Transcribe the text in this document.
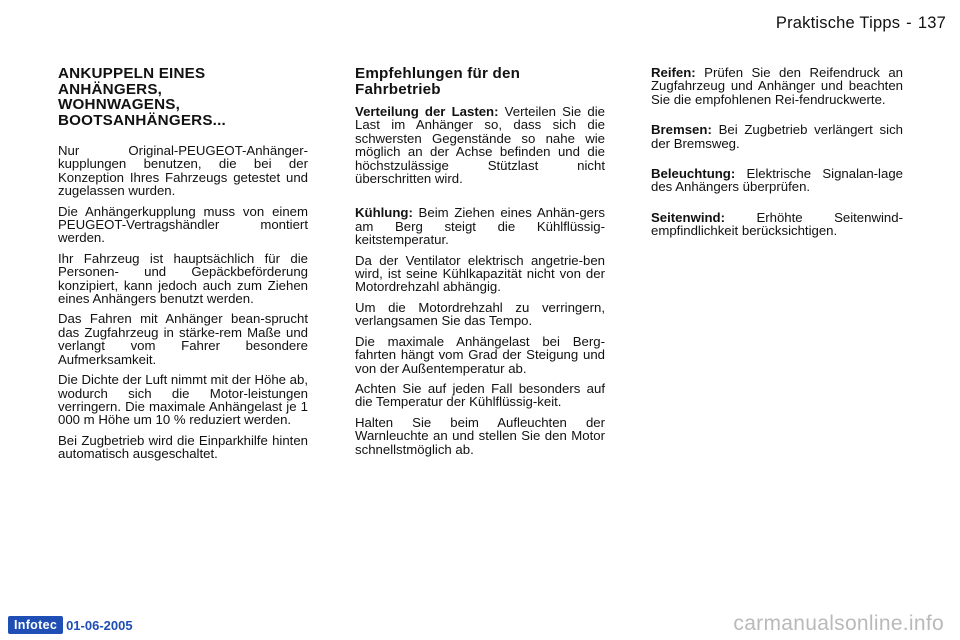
Praktische Tipps - 137
ANKUPPELN EINES
ANHÄNGERS,
WOHNWAGENS,
BOOTSANHÄNGERS...

Nur Original-PEUGEOT-Anhänger-kupplungen benutzen, die bei der Konzeption Ihres Fahrzeugs getestet und zugelassen wurden.

Die Anhängerkupplung muss von einem PEUGEOT-Vertragshändler montiert werden.

Ihr Fahrzeug ist hauptsächlich für die Personen- und Gepäckbeförderung konzipiert, kann jedoch auch zum Ziehen eines Anhängers benutzt werden.

Das Fahren mit Anhänger bean-sprucht das Zugfahrzeug in stärke-rem Maße und verlangt vom Fahrer besondere Aufmerksamkeit.

Die Dichte der Luft nimmt mit der Höhe ab, wodurch sich die Motor-leistungen verringern. Die maximale Anhängelast je 1 000 m Höhe um 10 % reduziert werden.

Bei Zugbetrieb wird die Einparkhilfe hinten automatisch ausgeschaltet.

Empfehlungen für den
Fahrbetrieb

Verteilung der Lasten: Verteilen Sie die Last im Anhänger so, dass sich die schwersten Gegenstände so nahe wie möglich an der Achse befinden und die höchstzulässige Stützlast nicht überschritten wird.

Kühlung: Beim Ziehen eines Anhän-gers am Berg steigt die Kühlflüssig-keitstemperatur.

Da der Ventilator elektrisch angetrie-ben wird, ist seine Kühlkapazität nicht von der Motordrehzahl abhängig.

Um die Motordrehzahl zu verringern, verlangsamen Sie das Tempo.

Die maximale Anhängelast bei Berg-fahrten hängt vom Grad der Steigung und von der Außentemperatur ab.

Achten Sie auf jeden Fall besonders auf die Temperatur der Kühlflüssig-keit.

Halten Sie beim Aufleuchten der Warnleuchte an und stellen Sie den Motor schnellstmöglich ab.

Reifen: Prüfen Sie den Reifendruck an Zugfahrzeug und Anhänger und beachten Sie die empfohlenen Rei-fendruckwerte.

Bremsen: Bei Zugbetrieb verlängert sich der Bremsweg.

Beleuchtung: Elektrische Signalan-lage des Anhängers überprüfen.

Seitenwind: Erhöhte Seitenwind-empfindlichkeit berücksichtigen.

Infotec 01-06-2005	carmanualsonline.info
